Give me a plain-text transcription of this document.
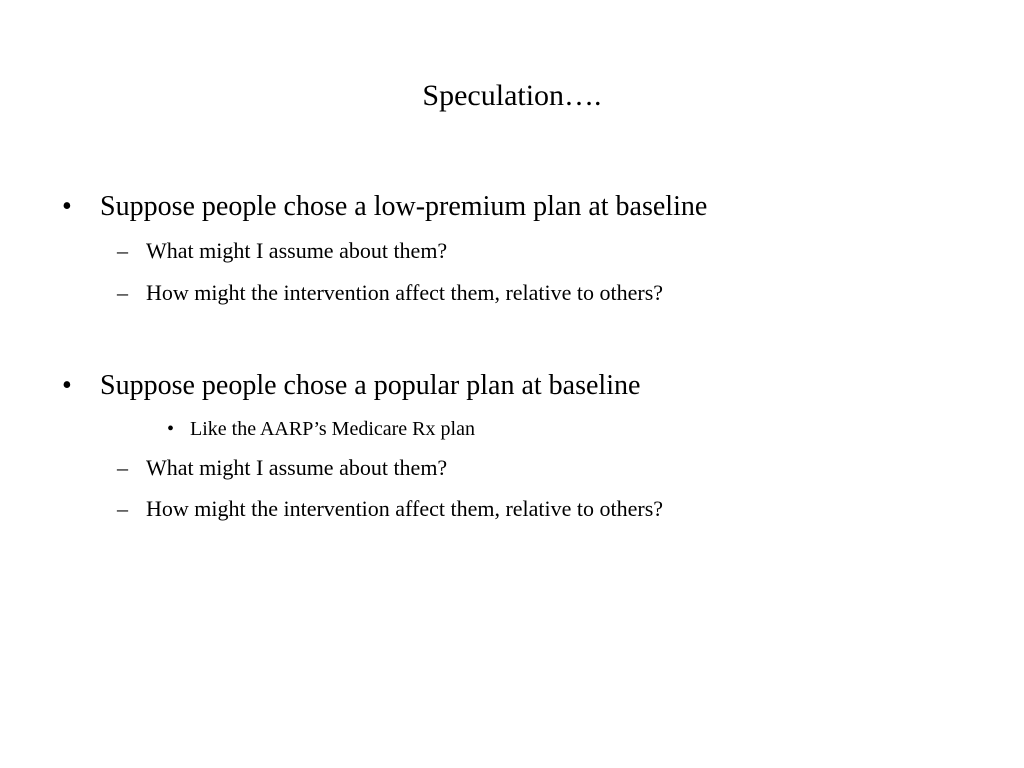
Speculation….
• Suppose people chose a low-premium plan at baseline

– What might I assume about them?

– How might the intervention affect them, relative to others?

• Suppose people chose a popular plan at baseline

• Like the AARP’s Medicare Rx plan

– What might I assume about them?

– How might the intervention affect them, relative to others?
